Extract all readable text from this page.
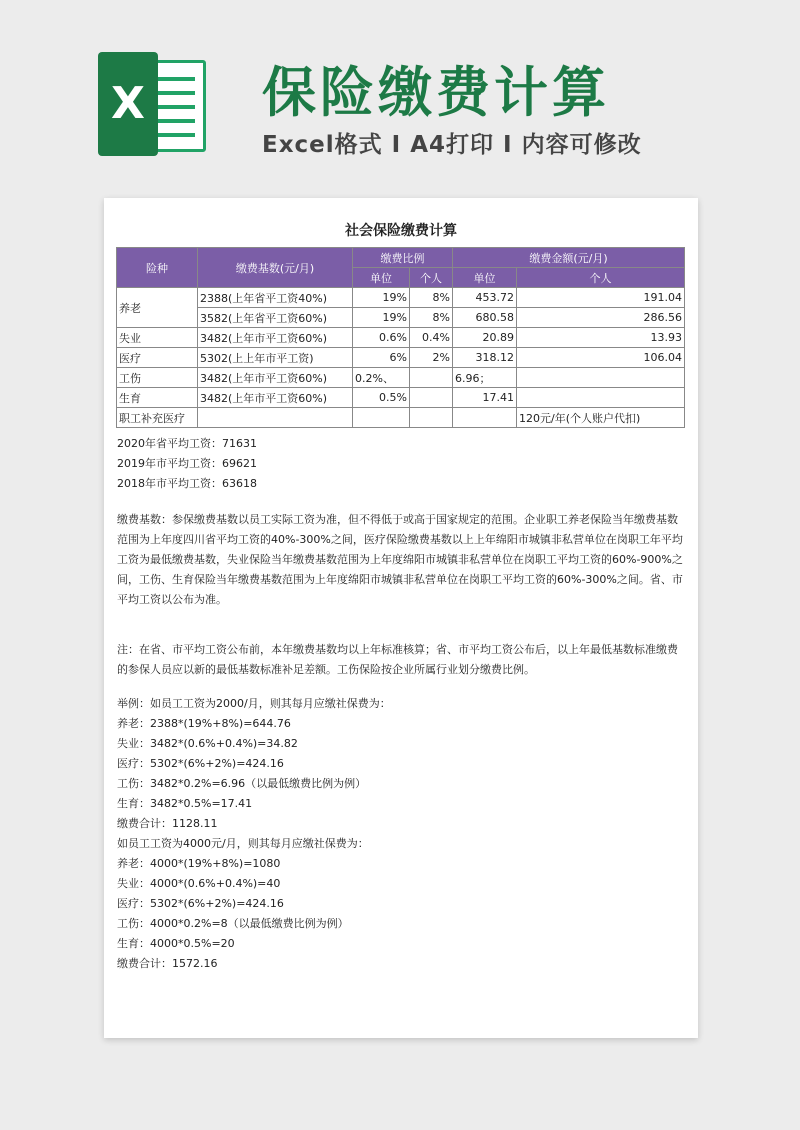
X 保险缴费计算
Excel格式 I A4打印 I 内容可修改
社会保险缴费计算
险种	缴费基数(元/月)	缴费比例		缴费金额(元/月)	
		单位	个人	单位	个人
养老	2388(上年省平工资40%)	19%	8%	453.72	191.04
	3582(上年省平工资60%)	19%	8%	680.58	286.56
失业	3482(上年市平工资60%)	0.6%	0.4%	20.89	13.93
医疗	5302(上上年市平工资)	6%	2%	318.12	106.04
工伤	3482(上年市平工资60%)	0.2%、		6.96；	
生育	3482(上年市平工资60%)	0.5%		17.41	
职工补充医疗					120元/年(个人账户代扣)
2020年省平均工资：71631
2019年市平均工资：69621
2018年市平均工资：63618
缴费基数：参保缴费基数以员工实际工资为准，但不得低于或高于国家规定的范围。企业职工养老保险当年缴费基数范围为上年度四川省平均工资的40%-300%之间，医疗保险缴费基数以上上年绵阳市城镇非私营单位在岗职工年平均工资为最低缴费基数，失业保险当年缴费基数范围为上年度绵阳市城镇非私营单位在岗职工平均工资的60%-900%之间，工伤、生育保险当年缴费基数范围为上年度绵阳市城镇非私营单位在岗职工平均工资的60%-300%之间。省、市平均工资以公布为准。
注：在省、市平均工资公布前，本年缴费基数均以上年标准核算；省、市平均工资公布后，以上年最低基数标准缴费的参保人员应以新的最低基数标准补足差额。工伤保险按企业所属行业划分缴费比例。
举例：如员工工资为2000/月，则其每月应缴社保费为：
养老：2388*(19%+8%)=644.76
失业：3482*(0.6%+0.4%)=34.82
医疗：5302*(6%+2%)=424.16
工伤：3482*0.2%=6.96（以最低缴费比例为例）
生育：3482*0.5%=17.41
缴费合计：1128.11
如员工工资为4000元/月，则其每月应缴社保费为：
养老：4000*(19%+8%)=1080
失业：4000*(0.6%+0.4%)=40
医疗：5302*(6%+2%)=424.16
工伤：4000*0.2%=8（以最低缴费比例为例）
生育：4000*0.5%=20
缴费合计：1572.16
